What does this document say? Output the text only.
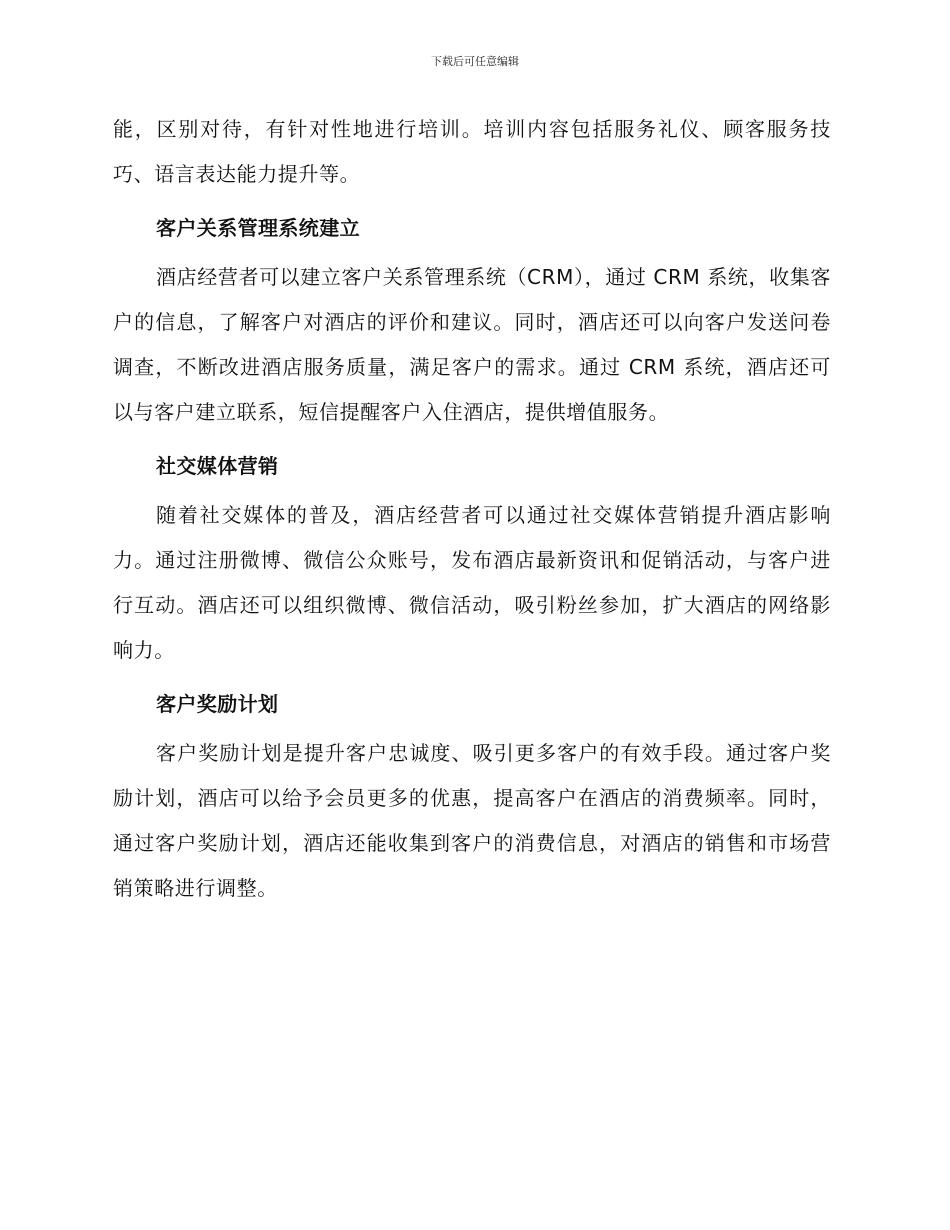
下载后可任意编辑

能，区别对待，有针对性地进行培训。培训内容包括服务礼仪、顾客服务技巧、语言表达能力提升等。

客户关系管理系统建立

酒店经营者可以建立客户关系管理系统（CRM），通过 CRM 系统，收集客户的信息，了解客户对酒店的评价和建议。同时，酒店还可以向客户发送问卷调查，不断改进酒店服务质量，满足客户的需求。通过 CRM 系统，酒店还可以与客户建立联系，短信提醒客户入住酒店，提供增值服务。

社交媒体营销

随着社交媒体的普及，酒店经营者可以通过社交媒体营销提升酒店影响力。通过注册微博、微信公众账号，发布酒店最新资讯和促销活动，与客户进行互动。酒店还可以组织微博、微信活动，吸引粉丝参加，扩大酒店的网络影响力。

客户奖励计划

客户奖励计划是提升客户忠诚度、吸引更多客户的有效手段。通过客户奖励计划，酒店可以给予会员更多的优惠，提高客户在酒店的消费频率。同时，通过客户奖励计划，酒店还能收集到客户的消费信息，对酒店的销售和市场营销策略进行调整。
